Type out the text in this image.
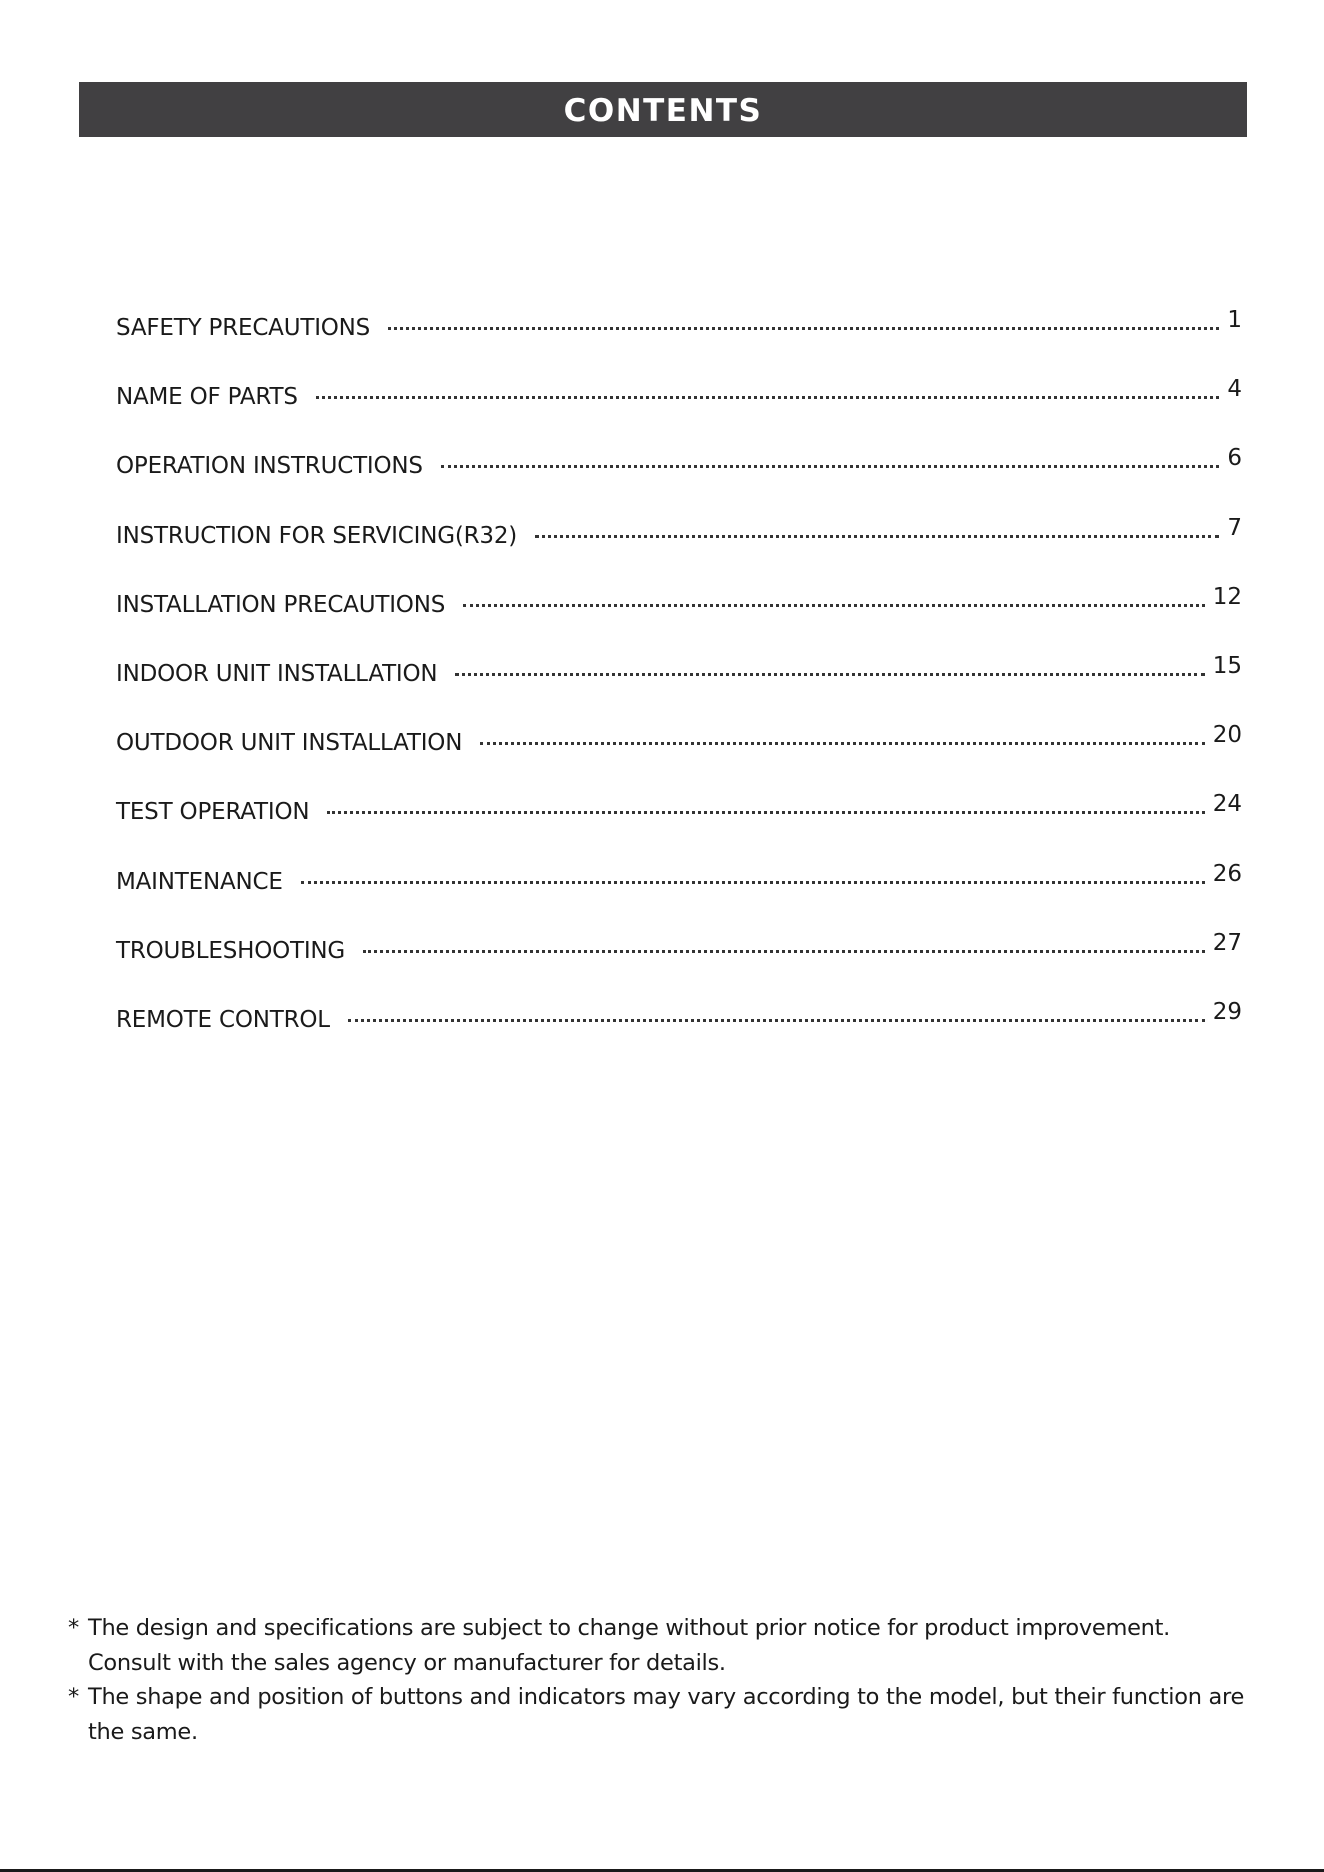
CONTENTS
SAFETY PRECAUTIONS	1
NAME OF PARTS	4
OPERATION INSTRUCTIONS	6
INSTRUCTION FOR SERVICING(R32)	7
INSTALLATION PRECAUTIONS	12
INDOOR UNIT INSTALLATION	15
OUTDOOR UNIT INSTALLATION	20
TEST OPERATION	24
MAINTENANCE	26
TROUBLESHOOTING	27
REMOTE CONTROL	29
* The design and specifications are subject to change without prior notice for product improvement. Consult with the sales agency or manufacturer for details.
* The shape and position of buttons and indicators may vary according to the model, but their function are the same.
